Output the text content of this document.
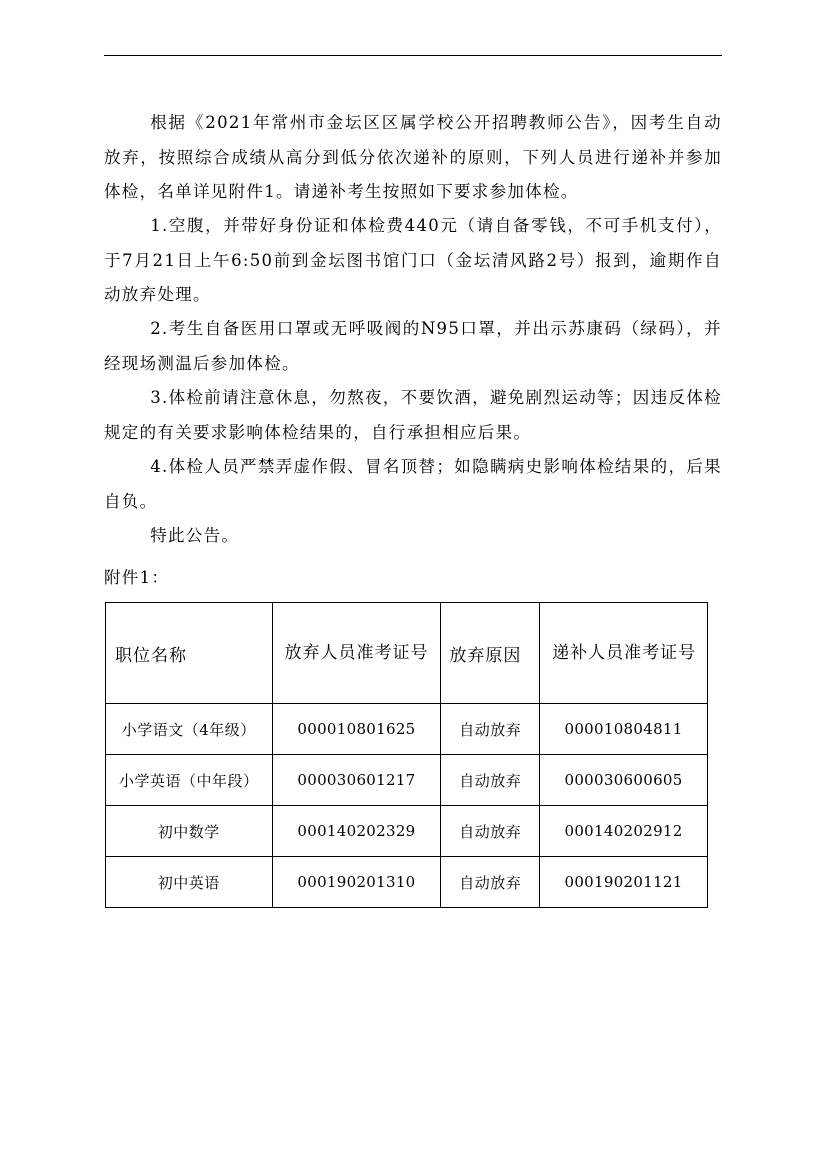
根据《2021年常州市金坛区区属学校公开招聘教师公告》，因考生自动放弃，按照综合成绩从高分到低分依次递补的原则，下列人员进行递补并参加体检，名单详见附件1。请递补考生按照如下要求参加体检。

1.空腹，并带好身份证和体检费440元（请自备零钱，不可手机支付），于7月21日上午6:50前到金坛图书馆门口（金坛清风路2号）报到，逾期作自动放弃处理。

2.考生自备医用口罩或无呼吸阀的N95口罩，并出示苏康码（绿码），并经现场测温后参加体检。

3.体检前请注意休息，勿熬夜，不要饮酒，避免剧烈运动等；因违反体检规定的有关要求影响体检结果的，自行承担相应后果。

4.体检人员严禁弄虚作假、冒名顶替；如隐瞒病史影响体检结果的，后果自负。

特此公告。

附件1：

职位名称	放弃人员准考证号	放弃原因	递补人员准考证号
小学语文（4年级）	000010801625	自动放弃	000010804811
小学英语（中年段）	000030601217	自动放弃	000030600605
初中数学	000140202329	自动放弃	000140202912
初中英语	000190201310	自动放弃	000190201121
